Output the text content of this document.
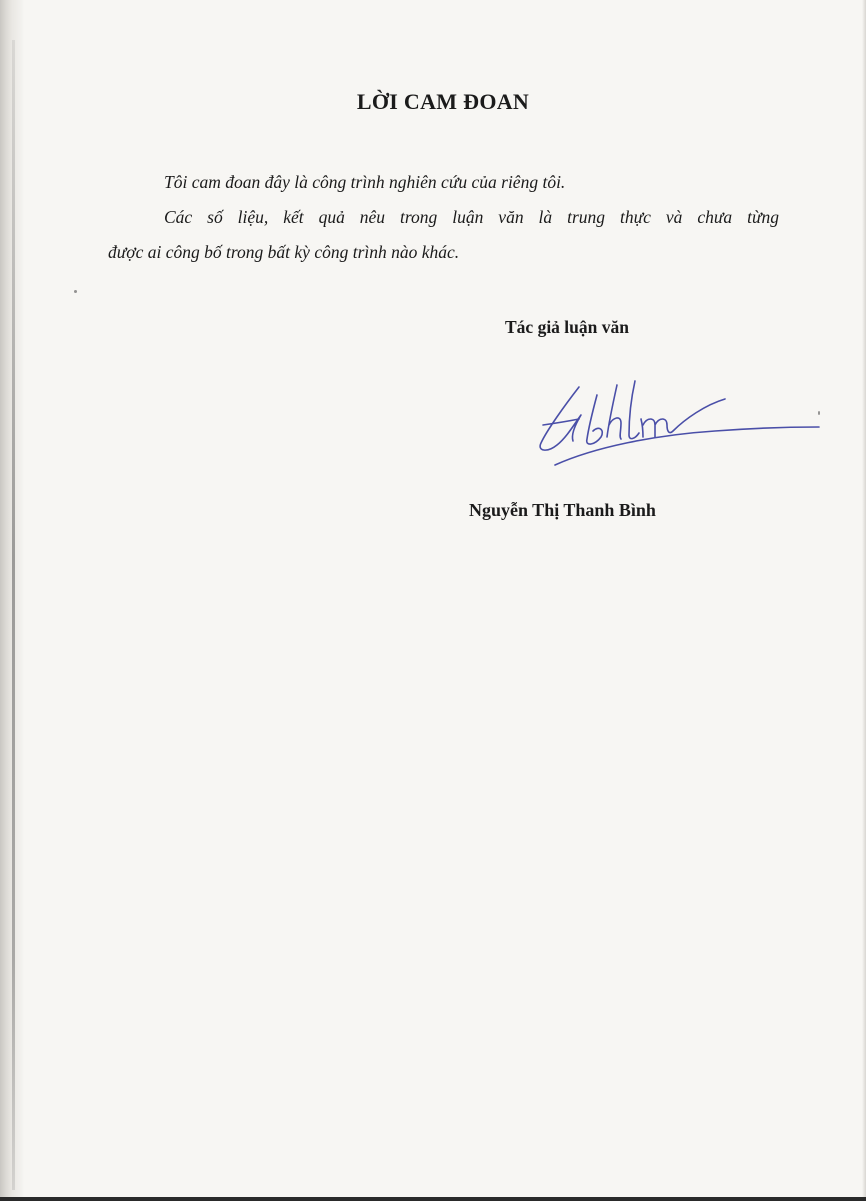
LỜI CAM ĐOAN
Tôi cam đoan đây là công trình nghiên cứu của riêng tôi.
Các số liệu, kết quả nêu trong luận văn là trung thực và chưa từng
được ai công bố trong bất kỳ công trình nào khác.
Tác giả luận văn
Nguyễn Thị Thanh Bình
